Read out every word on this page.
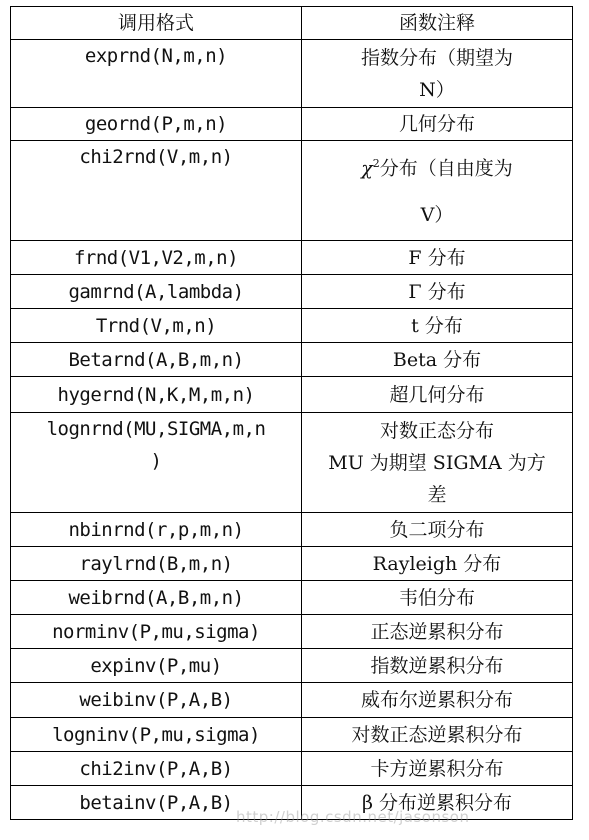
调用格式	函数注释
exprnd(N,m,n)	指数分布（期望为
N）

geornd(P,m,n)	几何分布
chi2rnd(V,m,n)	$\chi^2$分布（自由度为
V）

frnd(V1,V2,m,n)	F 分布
gamrnd(A,lambda)	Γ 分布
Trnd(V,m,n)	t 分布
Betarnd(A,B,m,n)	Beta 分布
hygernd(N,K,M,m,n)	超几何分布

lognrnd(MU,SIGMA,m,n
)	对数正态分布
MU 为期望 SIGMA 为方
差

nbinrnd(r,p,m,n)	负二项分布
raylrnd(B,m,n)	Rayleigh 分布
weibrnd(A,B,m,n)	韦伯分布
norminv(P,mu,sigma)	正态逆累积分布
expinv(P,mu)	指数逆累积分布
weibinv(P,A,B)	威布尔逆累积分布
logninv(P,mu,sigma)	对数正态逆累积分布
chi2inv(P,A,B)	卡方逆累积分布
betainv(P,A,B)	β 分布逆累积分布
http://blog.csdn.net/jasonson
